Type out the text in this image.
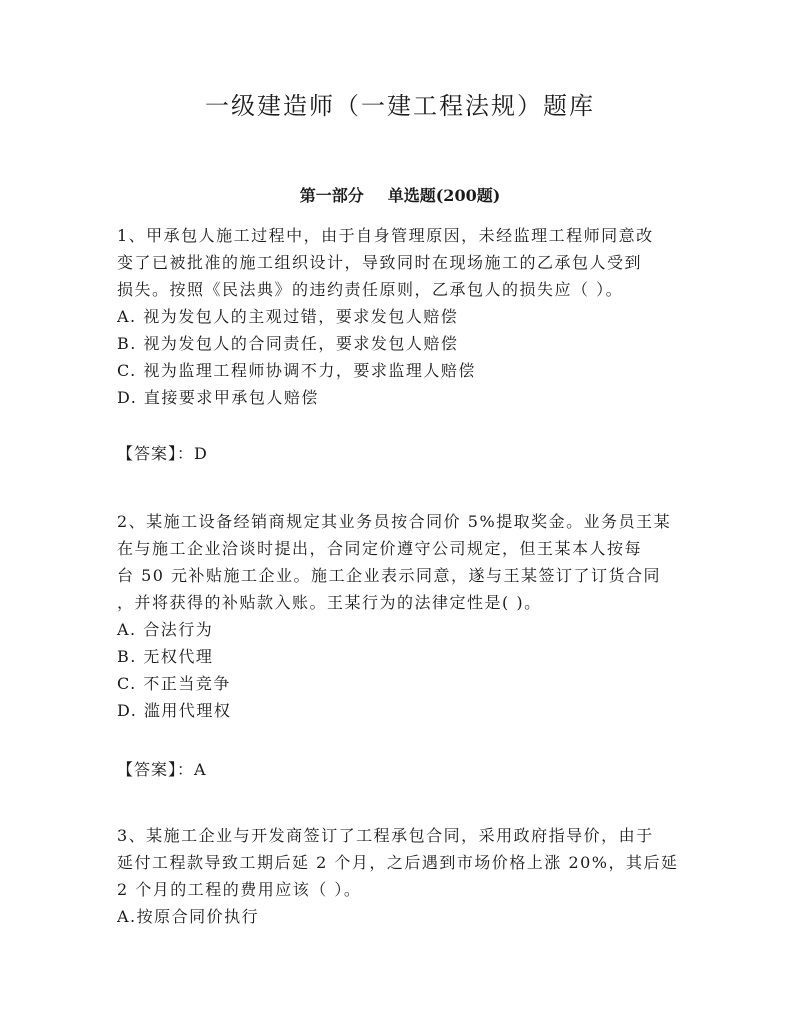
一级建造师（一建工程法规）题库
第一部分 单选题(200题)
1、甲承包人施工过程中，由于自身管理原因，未经监理工程师同意改
变了已被批准的施工组织设计，导致同时在现场施工的乙承包人受到
损失。按照《民法典》的违约责任原则，乙承包人的损失应（ ）。
A. 视为发包人的主观过错，要求发包人赔偿
B. 视为发包人的合同责任，要求发包人赔偿
C. 视为监理工程师协调不力，要求监理人赔偿
D. 直接要求甲承包人赔偿
【答案】：D
2、某施工设备经销商规定其业务员按合同价 5%提取奖金。业务员王某
在与施工企业洽谈时提出，合同定价遵守公司规定，但王某本人按每
台 50 元补贴施工企业。施工企业表示同意，遂与王某签订了订货合同
，并将获得的补贴款入账。王某行为的法律定性是( )。
A. 合法行为
B. 无权代理
C. 不正当竞争
D. 滥用代理权
【答案】：A
3、某施工企业与开发商签订了工程承包合同，采用政府指导价，由于
延付工程款导致工期后延 2 个月，之后遇到市场价格上涨 20%，其后延
2 个月的工程的费用应该（ ）。
A.按原合同价执行
